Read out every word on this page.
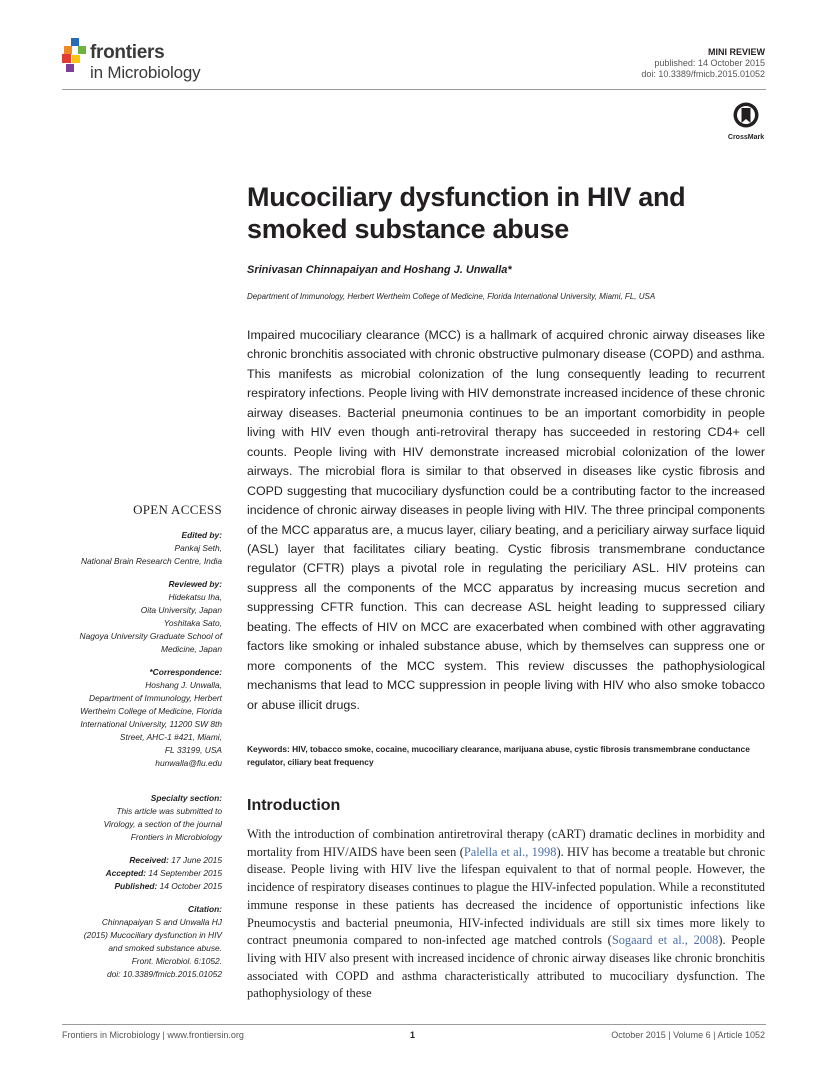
frontiers
in Microbiology
MINI REVIEW
published: 14 October 2015
doi: 10.3389/fmicb.2015.01052
CrossMark
Mucociliary dysfunction in HIV and smoked substance abuse
Srinivasan Chinnapaiyan and Hoshang J. Unwalla*
Department of Immunology, Herbert Wertheim College of Medicine, Florida International University, Miami, FL, USA

Impaired mucociliary clearance (MCC) is a hallmark of acquired chronic airway diseases like chronic bronchitis associated with chronic obstructive pulmonary disease (COPD) and asthma. This manifests as microbial colonization of the lung consequently leading to recurrent respiratory infections. People living with HIV demonstrate increased incidence of these chronic airway diseases. Bacterial pneumonia continues to be an important comorbidity in people living with HIV even though anti-retroviral therapy has succeeded in restoring CD4+ cell counts. People living with HIV demonstrate increased microbial colonization of the lower airways. The microbial flora is similar to that observed in diseases like cystic fibrosis and COPD suggesting that mucociliary dysfunction could be a contributing factor to the increased incidence of chronic airway diseases in people living with HIV. The three principal components of the MCC apparatus are, a mucus layer, ciliary beating, and a periciliary airway surface liquid (ASL) layer that facilitates ciliary beating. Cystic fibrosis transmembrane conductance regulator (CFTR) plays a pivotal role in regulating the periciliary ASL. HIV proteins can suppress all the components of the MCC apparatus by increasing mucus secretion and suppressing CFTR function. This can decrease ASL height leading to suppressed ciliary beating. The effects of HIV on MCC are exacerbated when combined with other aggravating factors like smoking or inhaled substance abuse, which by themselves can suppress one or more components of the MCC system. This review discusses the pathophysiological mechanisms that lead to MCC suppression in people living with HIV who also smoke tobacco or abuse illicit drugs.

Keywords: HIV, tobacco smoke, cocaine, mucociliary clearance, marijuana abuse, cystic fibrosis transmembrane conductance regulator, ciliary beat frequency
Introduction

With the introduction of combination antiretroviral therapy (cART) dramatic declines in morbidity and mortality from HIV/AIDS have been seen (Palella et al., 1998). HIV has become a treatable but chronic disease. People living with HIV live the lifespan equivalent to that of normal people. However, the incidence of respiratory diseases continues to plague the HIV-infected population. While a reconstituted immune response in these patients has decreased the incidence of opportunistic infections like Pneumocystis and bacterial pneumonia, HIV-infected individuals are still six times more likely to contract pneumonia compared to non-infected age matched controls (Sogaard et al., 2008). People living with HIV also present with increased incidence of chronic airway diseases like chronic bronchitis associated with COPD and asthma characteristically attributed to mucociliary dysfunction. The pathophysiology of these

OPEN ACCESS
Edited by:
Pankaj Seth,
National Brain Research Centre, India
Reviewed by:
Hidekatsu Iha,
Oita University, Japan
Yoshitaka Sato,
Nagoya University Graduate School of
Medicine, Japan
*Correspondence:
Hoshang J. Unwalla,
Department of Immunology, Herbert
Wertheim College of Medicine, Florida
International University, 11200 SW 8th
Street, AHC-1 #421, Miami,
FL 33199, USA
hunwalla@fiu.edu
Specialty section:
This article was submitted to
Virology, a section of the journal
Frontiers in Microbiology
Received: 17 June 2015
Accepted: 14 September 2015
Published: 14 October 2015
Citation:
Chinnapaiyan S and Unwalla HJ
(2015) Mucociliary dysfunction in HIV
and smoked substance abuse.
Front. Microbiol. 6:1052.
doi: 10.3389/fmicb.2015.01052
Frontiers in Microbiology | www.frontiersin.org	1	October 2015 | Volume 6 | Article 1052
